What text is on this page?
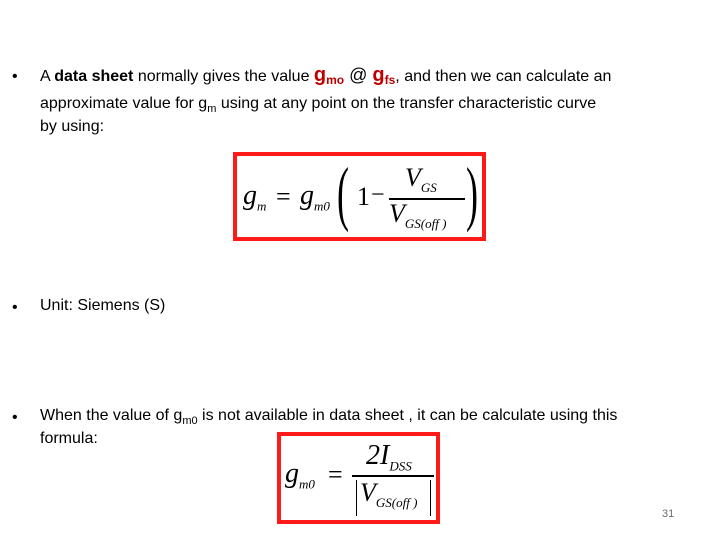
• A data sheet normally gives the value $g_{mo}$ @ $g_{fs}$, and then we can calculate an
approximate value for $g_m$ using at any point on the transfer characteristic curve
by using:
$g_m = g_{m0}$ ( 1 −
$V_{GS}$
$V_{GS(off )}$ )
• Unit: Siemens (S)
• When the value of $g_{m0}$ is not available in data sheet , it can be calculate using this
formula:
$g_{m0}$ =
$2I_{DSS}$
$V_{GS(off )}$
31
